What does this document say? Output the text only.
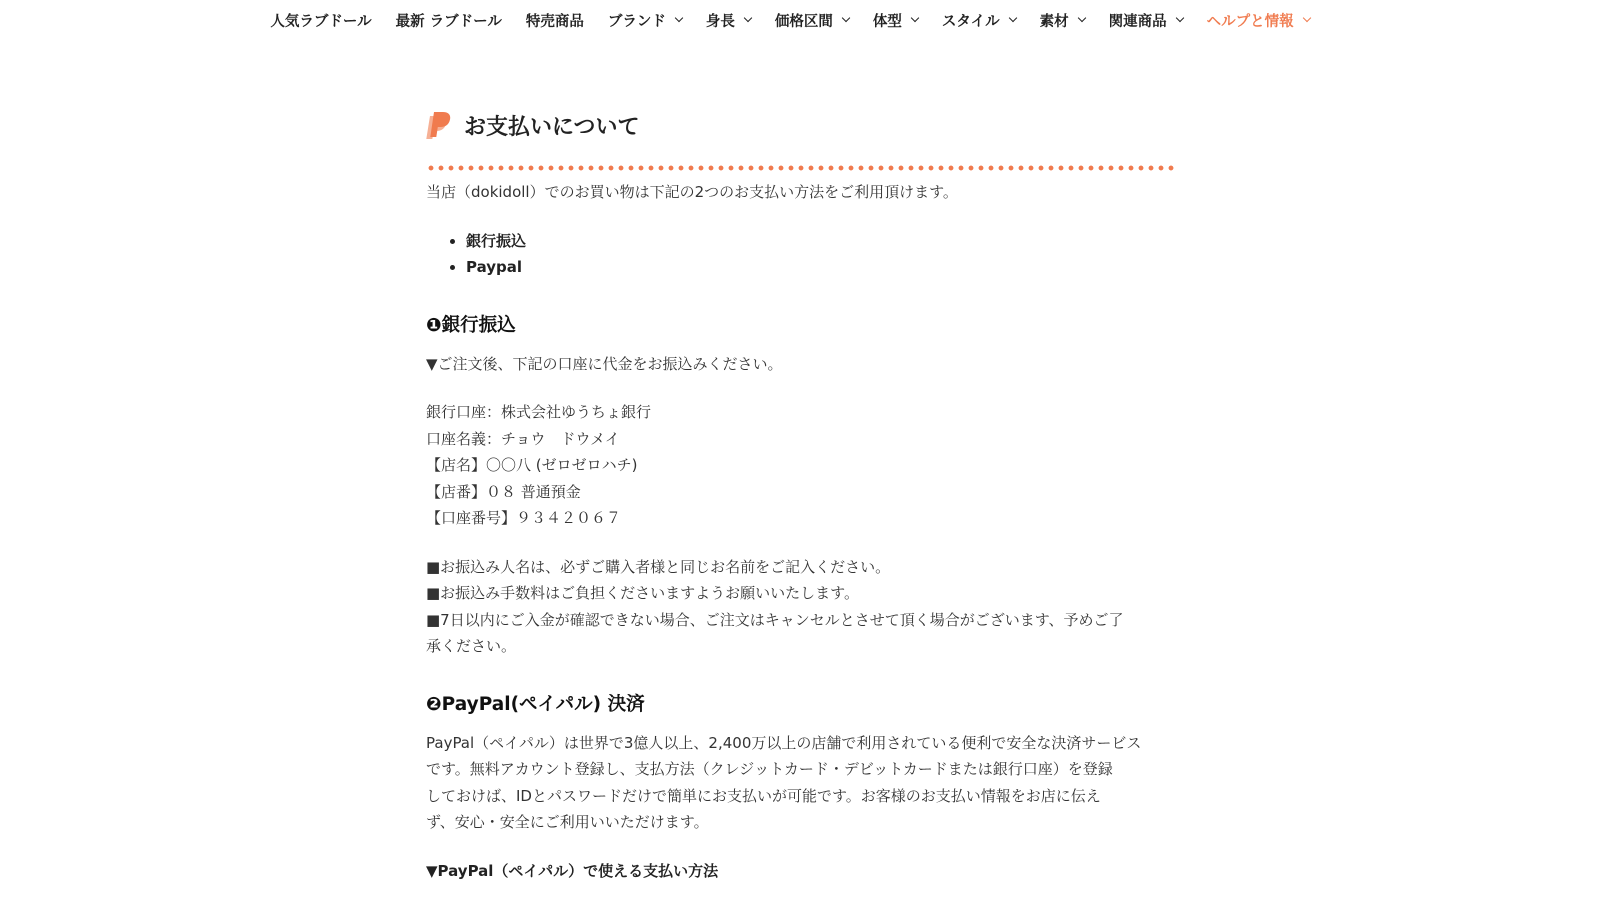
人気ラブドール 最新 ラブドール 特売商品 ブランド	身長	価格区間	体型	スタイル	素材	関連商品	ヘルプと情報
お支払いについて

当店（dokidoll）でのお買い物は下記の2つのお支払い方法をご利用頂けます。

• 銀行振込
• Paypal
❶銀行振込

▼ご注文後、下記の口座に代金をお振込みください。

銀行口座：株式会社ゆうちょ銀行
口座名義：チョウ　ドウメイ
【店名】〇〇八 (ゼロゼロハチ)
【店番】０８ 普通預金
【口座番号】９３４２０６７
■お振込み人名は、必ずご購入者様と同じお名前をご記入ください。
■お振込み手数料はご負担くださいますようお願いいたします。
■7日以内にご入金が確認できない場合、ご注文はキャンセルとさせて頂く場合がございます、予めご了
承ください。
❷PayPal(ペイパル) 決済
PayPal（ペイパル）は世界で3億人以上、2,400万以上の店舗で利用されている便利で安全な決済サービス
です。無料アカウント登録し、支払方法（クレジットカード・デビットカードまたは銀行口座）を登録
しておけば、IDとパスワードだけで簡単にお支払いが可能です。お客様のお支払い情報をお店に伝え
ず、安心・安全にご利用いいただけます。
▼PayPal（ペイパル）で使える支払い方法
